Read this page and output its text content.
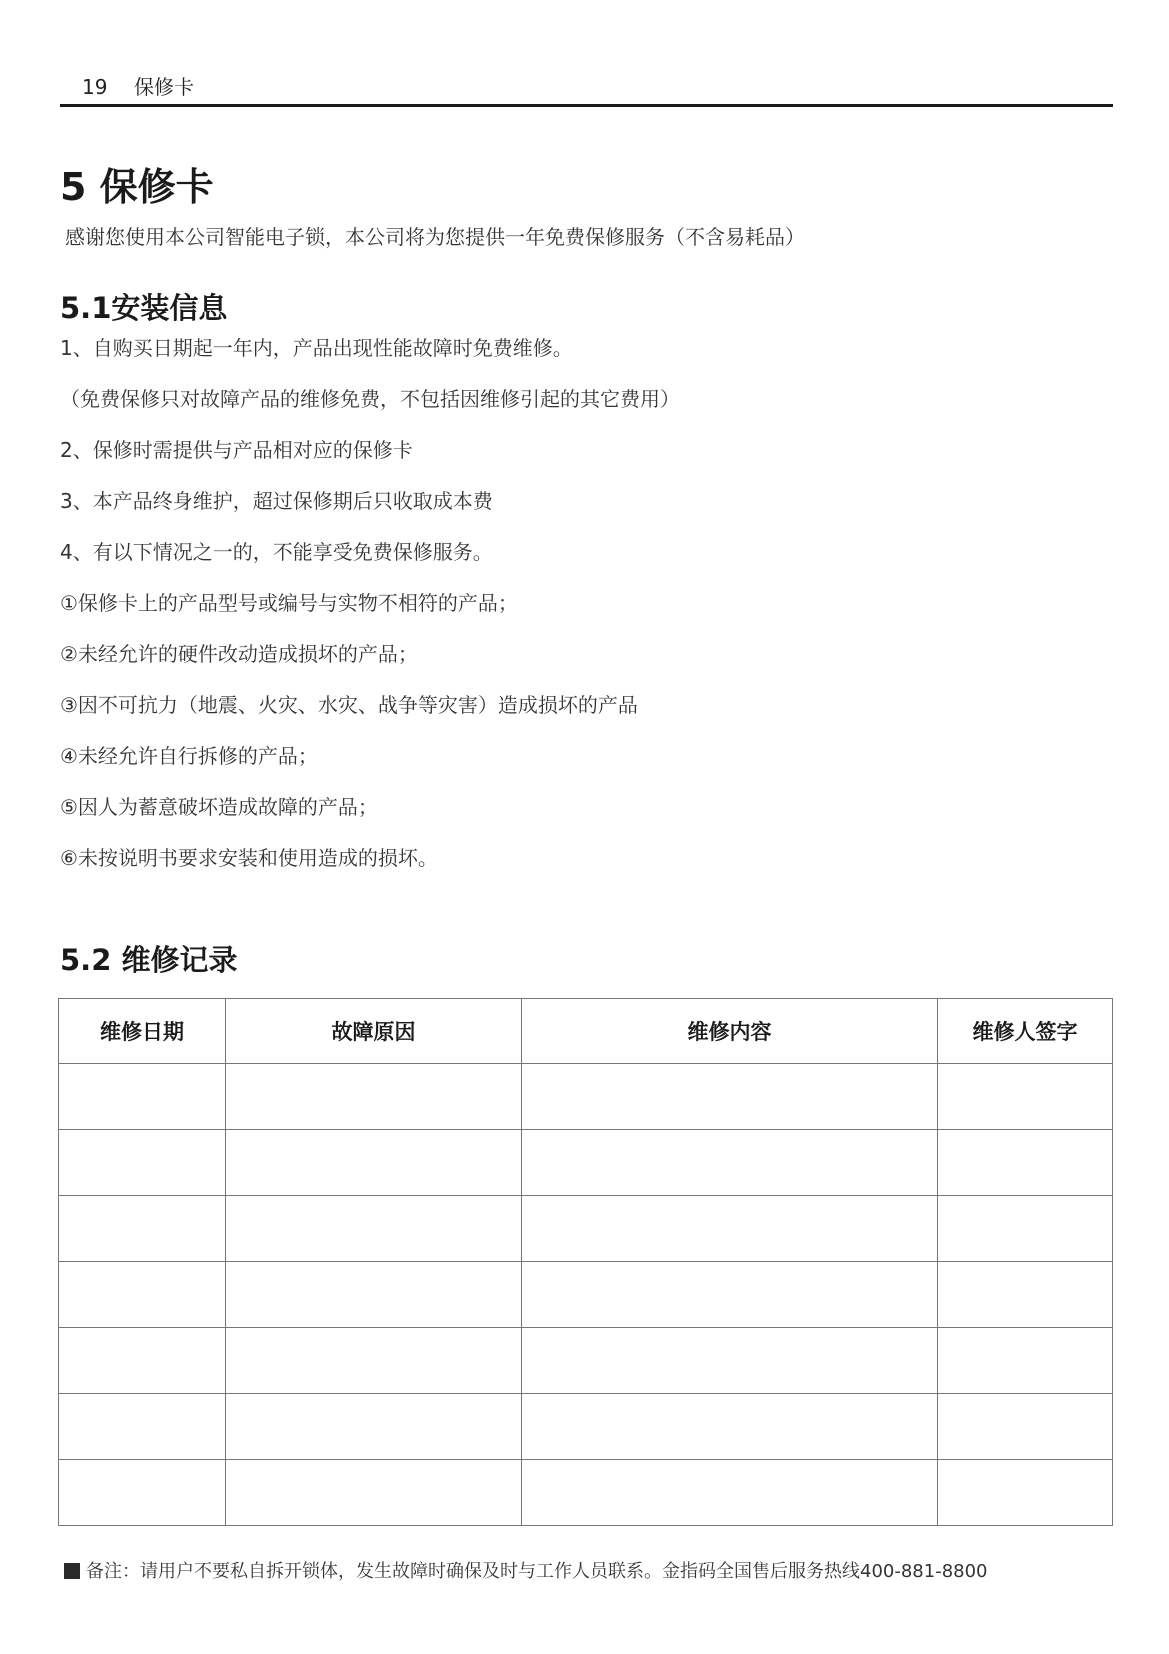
19 保修卡
5 保修卡

感谢您使用本公司智能电子锁，本公司将为您提供一年免费保修服务（不含易耗品）

5.1安装信息
1、自购买日期起一年内，产品出现性能故障时免费维修。
（免费保修只对故障产品的维修免费，不包括因维修引起的其它费用）
2、保修时需提供与产品相对应的保修卡
3、本产品终身维护，超过保修期后只收取成本费
4、有以下情况之一的，不能享受免费保修服务。
①保修卡上的产品型号或编号与实物不相符的产品；
②未经允许的硬件改动造成损坏的产品；
③因不可抗力（地震、火灾、水灾、战争等灾害）造成损坏的产品
④未经允许自行拆修的产品；
⑤因人为蓄意破坏造成故障的产品；
⑥未按说明书要求安装和使用造成的损坏。
5.2 维修记录
维修日期	故障原因	维修内容	维修人签字

备注：请用户不要私自拆开锁体，发生故障时确保及时与工作人员联系。金指码全国售后服务热线400-881-8800
